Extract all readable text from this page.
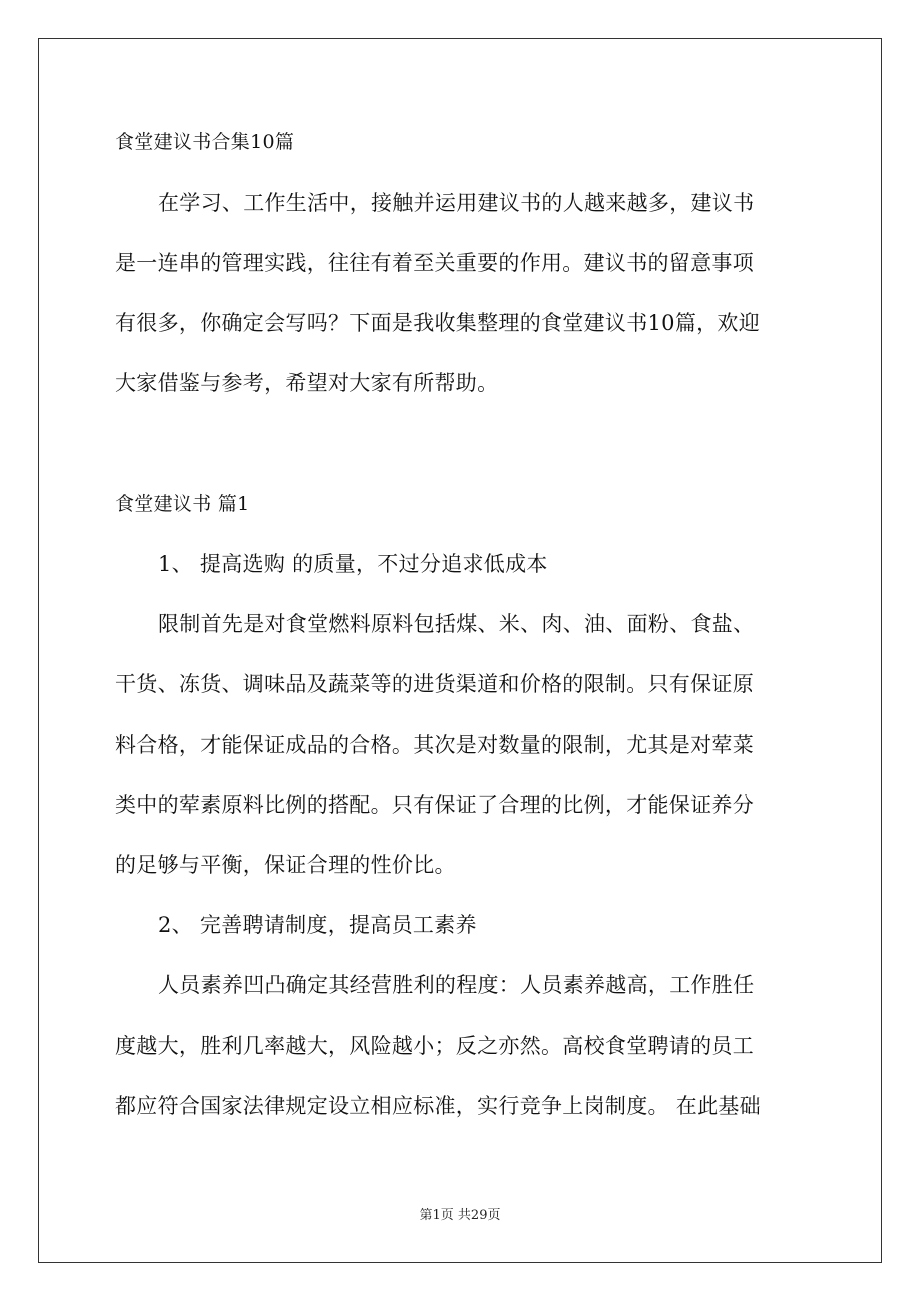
食堂建议书合集10篇
在学习、工作生活中，接触并运用建议书的人越来越多，建议书
是一连串的管理实践，往往有着至关重要的作用。建议书的留意事项
有很多，你确定会写吗？下面是我收集整理的食堂建议书10篇，欢迎
大家借鉴与参考，希望对大家有所帮助。
食堂建议书 篇1
1、 提高选购 的质量，不过分追求低成本
限制首先是对食堂燃料原料包括煤、米、肉、油、面粉、食盐、
干货、冻货、调味品及蔬菜等的进货渠道和价格的限制。只有保证原
料合格，才能保证成品的合格。其次是对数量的限制，尤其是对荤菜
类中的荤素原料比例的搭配。只有保证了合理的比例，才能保证养分
的足够与平衡，保证合理的性价比。
2、 完善聘请制度，提高员工素养
人员素养凹凸确定其经营胜利的程度：人员素养越高，工作胜任
度越大，胜利几率越大，风险越小；反之亦然。高校食堂聘请的员工
都应符合国家法律规定设立相应标准，实行竞争上岗制度。 在此基础
第1页 共29页
